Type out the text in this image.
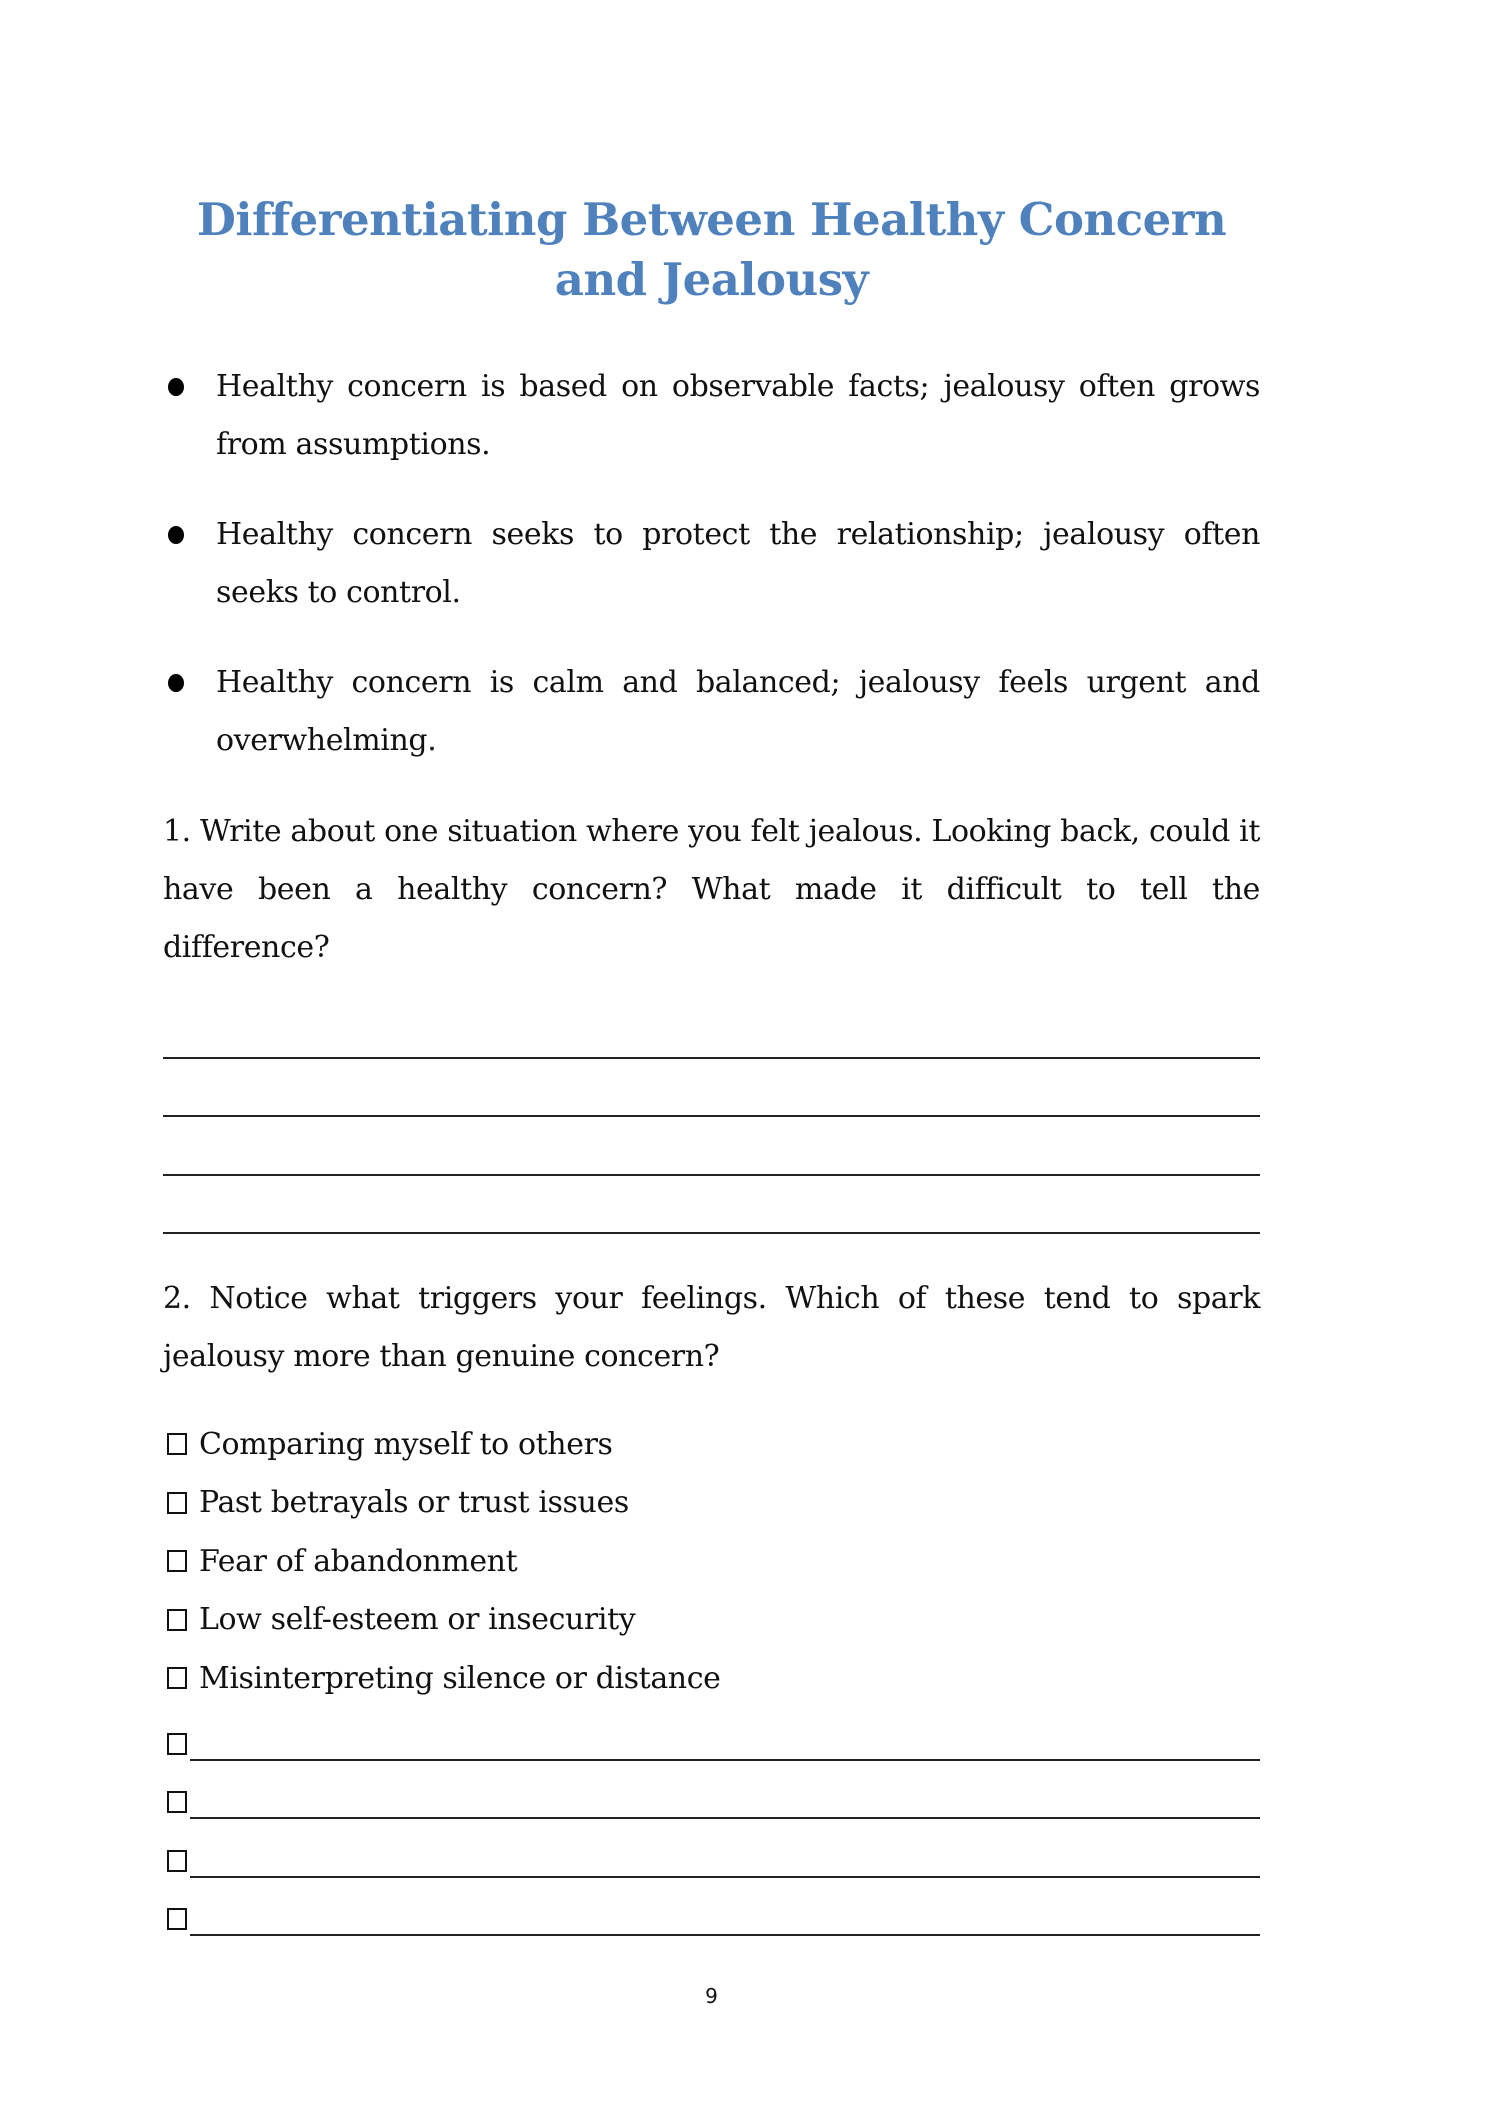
Differentiating Between Healthy Concern and Jealousy
Healthy concern is based on observable facts; jealousy often grows from assumptions.
Healthy concern seeks to protect the relationship; jealousy often seeks to control.
Healthy concern is calm and balanced; jealousy feels urgent and overwhelming.

1. Write about one situation where you felt jealous. Looking back, could it have been a healthy concern? What made it difficult to tell the difference?

2. Notice what triggers your feelings. Which of these tend to spark jealousy more than genuine concern?

Comparing myself to others
Past betrayals or trust issues
Fear of abandonment
Low self-esteem or insecurity
Misinterpreting silence or distance
9
